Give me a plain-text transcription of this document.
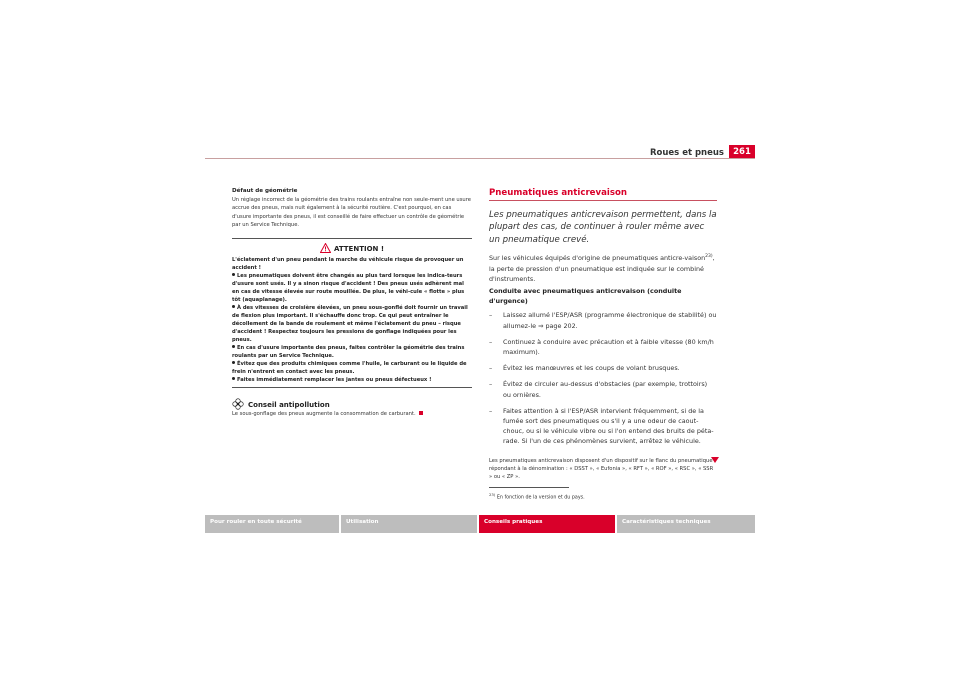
Roues et pneus	261

Défaut de géométrie

Un réglage incorrect de la géométrie des trains roulants entraîne non seule-ment une usure accrue des pneus, mais nuit également à la sécurité routière. C'est pourquoi, en cas d'usure importante des pneus, il est conseillé de faire effectuer un contrôle de géométrie par un Service Technique.

ATTENTION !

L'éclatement d'un pneu pendant la marche du véhicule risque de provoquer un accident !

Les pneumatiques doivent être changés au plus tard lorsque les indica-teurs d'usure sont usés. Il y a sinon risque d'accident ! Des pneus usés adhèrent mal en cas de vitesse élevée sur route mouillée. De plus, le véhi-cule « flotte » plus tôt (aquaplanage).

À des vitesses de croisière élevées, un pneu sous-gonflé doit fournir un travail de flexion plus important. Il s'échauffe donc trop. Ce qui peut entraîner le décollement de la bande de roulement et même l'éclatement du pneu – risque d'accident ! Respectez toujours les pressions de gonflage indiquées pour les pneus.

En cas d'usure importante des pneus, faites contrôler la géométrie des trains roulants par un Service Technique.

Évitez que des produits chimiques comme l'huile, le carburant ou le liquide de frein n'entrent en contact avec les pneus.

Faites immédiatement remplacer les jantes ou pneus défectueux !

Conseil antipollution

Le sous-gonflage des pneus augmente la consommation de carburant.

Pneumatiques anticrevaison

Les pneumatiques anticrevaison permettent, dans la plupart des cas, de continuer à rouler même avec un pneumatique crevé.

Sur les véhicules équipés d'origine de pneumatiques anticre-vaison$^{23)}$, la perte de pression d'un pneumatique est indiquée sur le combiné d'instruments.

Conduite avec pneumatiques anticrevaison (conduite d'urgence)

– Laissez allumé l'ESP/ASR (programme électronique de stabilité) ou allumez-le ⇒ page 202.
– Continuez à conduire avec précaution et à faible vitesse (80 km/h maximum).
– Évitez les manœuvres et les coups de volant brusques.
– Évitez de circuler au-dessus d'obstacles (par exemple, trottoirs) ou ornières.
– Faites attention à si l'ESP/ASR intervient fréquemment, si de la fumée sort des pneumatiques ou s'il y a une odeur de caout-chouc, ou si le véhicule vibre ou si l'on entend des bruits de péta-rade. Si l'un de ces phénomènes survient, arrêtez le véhicule.

Les pneumatiques anticrevaison disposent d'un dispositif sur le flanc du pneumatique répondant à la dénomination : « DSST », « Eufonia », « RFT », « ROF », « RSC », « SSR » ou « ZP ».

$^{23)}$ En fonction de la version et du pays.
Pour rouler en toute sécurité	Utilisation	Conseils pratiques	Caractéristiques techniques
